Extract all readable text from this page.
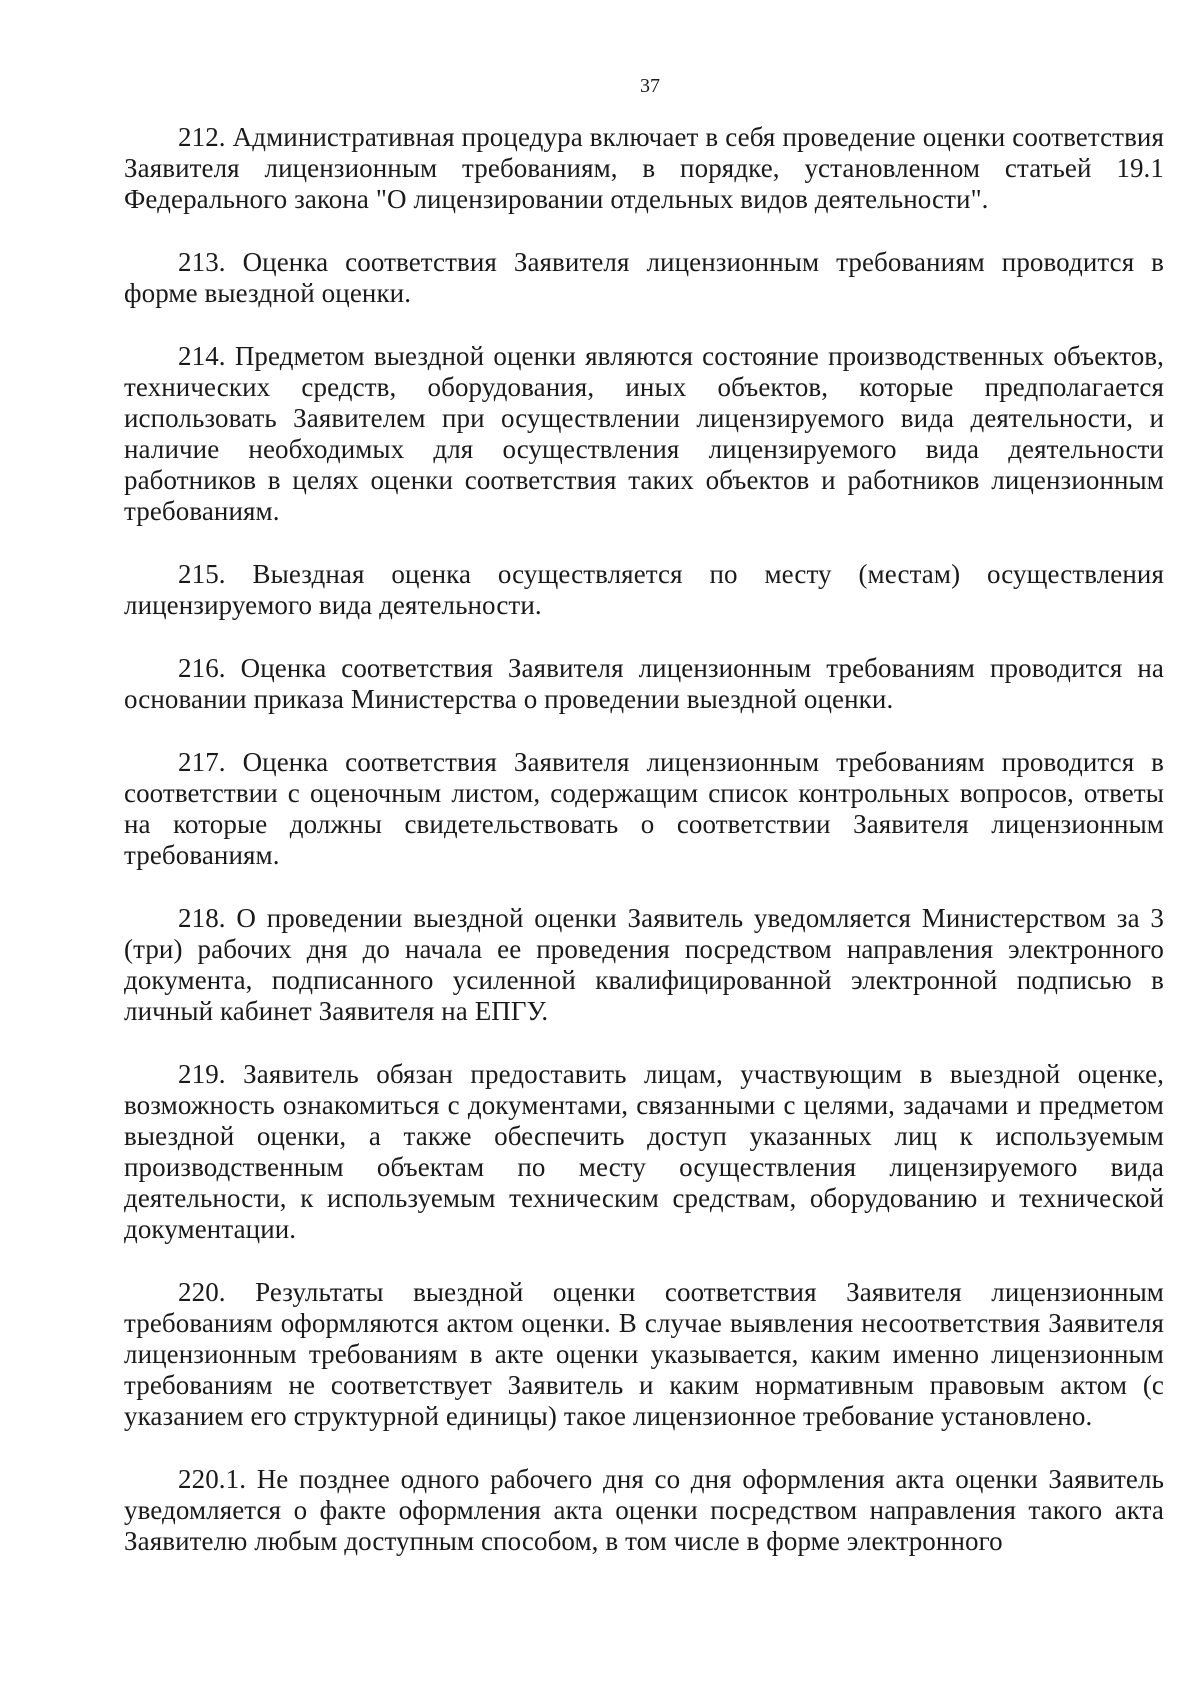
37

212. Административная процедура включает в себя проведение оценки соответствия Заявителя лицензионным требованиям, в порядке, установленном статьей 19.1 Федерального закона "О лицензировании отдельных видов деятельности".

213. Оценка соответствия Заявителя лицензионным требованиям проводится в форме выездной оценки.

214. Предметом выездной оценки являются состояние производственных объектов, технических средств, оборудования, иных объектов, которые предполагается использовать Заявителем при осуществлении лицензируемого вида деятельности, и наличие необходимых для осуществления лицензируемого вида деятельности работников в целях оценки соответствия таких объектов и работников лицензионным требованиям.

215. Выездная оценка осуществляется по месту (местам) осуществления лицензируемого вида деятельности.

216. Оценка соответствия Заявителя лицензионным требованиям проводится на основании приказа Министерства о проведении выездной оценки.

217. Оценка соответствия Заявителя лицензионным требованиям проводится в соответствии с оценочным листом, содержащим список контрольных вопросов, ответы на которые должны свидетельствовать о соответствии Заявителя лицензионным требованиям.

218. О проведении выездной оценки Заявитель уведомляется Министерством за 3 (три) рабочих дня до начала ее проведения посредством направления электронного документа, подписанного усиленной квалифицированной электронной подписью в личный кабинет Заявителя на ЕПГУ.

219. Заявитель обязан предоставить лицам, участвующим в выездной оценке, возможность ознакомиться с документами, связанными с целями, задачами и предметом выездной оценки, а также обеспечить доступ указанных лиц к используемым производственным объектам по месту осуществления лицензируемого вида деятельности, к используемым техническим средствам, оборудованию и технической документации.

220. Результаты выездной оценки соответствия Заявителя лицензионным требованиям оформляются актом оценки. В случае выявления несоответствия Заявителя лицензионным требованиям в акте оценки указывается, каким именно лицензионным требованиям не соответствует Заявитель и каким нормативным правовым актом (с указанием его структурной единицы) такое лицензионное требование установлено.

220.1. Не позднее одного рабочего дня со дня оформления акта оценки Заявитель уведомляется о факте оформления акта оценки посредством направления такого акта Заявителю любым доступным способом, в том числе в форме электронного
